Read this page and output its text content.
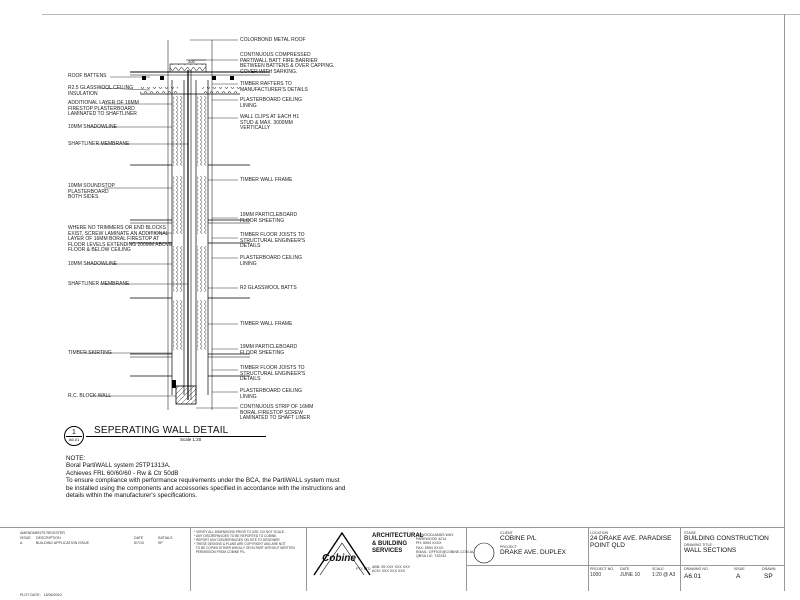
200
ROOF BATTENS
R2.5 GLASSWOOL CEILING
INSULATION
ADDITIONAL LAYER OF 16MM
FIRESTOP PLASTERBOARD
LAMINATED TO SHAFTLINER
10MM SHADOWLINE
SHAFTLINER MEMBRANE
10MM SOUNDSTOP
PLASTERBOARD
BOTH SIDES
WHERE NO TRIMMERS OR END BLOCKS
EXIST, SCREW LAMINATE AN ADDITIONAL
LAYER OF 16MM BORAL FIRESTOP AT
FLOOR LEVELS EXTENDING 200MM ABOVE
FLOOR & BELOW CEILING
10MM SHADOWLINE
SHAFTLINER MEMBRANE
TIMBER SKIRTING
R.C. BLOCK WALL
COLORBOND METAL ROOF
CONTINUOUS COMPRESSED
PARTIWALL BATT FIRE BARRIER
BETWEEN BATTENS & OVER CAPPING.
COVER WITH SARKING.
TIMBER RAFTERS TO
MANUFACTURER'S DETAILS
PLASTERBOARD CEILING
LINING
WALL CLIPS AT EACH H1
STUD & MAX. 3000MM
VERTICALLY
TIMBER WALL FRAME
19MM PARTICLEBOARD
FLOOR SHEETING
TIMBER FLOOR JOISTS TO
STRUCTURAL ENGINEER'S
DETAILS
PLASTERBOARD CEILING
LINING
R2 GLASSWOOL BATTS
TIMBER WALL FRAME
19MM PARTICLEBOARD
FLOOR SHEETING
TIMBER FLOOR JOISTS TO
STRUCTURAL ENGINEER'S
DETAILS
PLASTERBOARD CEILING
LINING
CONTINUOUS STRIP OF 16MM
BORAL FIRESTOP SCREW
LAMINATED TO SHAFT LINER
1
A6.01
SEPERATING WALL DETAIL
Scale 1:20

NOTE:

Boral PartiWALL system 25TP1313A.

Achieves FRL 60/60/60 - Rw & Ctr 50dB

To ensure compliance with performance requirements under the BCA, the PartiWALL system must be installed using the components and accessories specified in accordance with the instructions and details within the manufacturer's specifications.

AMENDMENTS REGISTER
ISSUE DESCRIPTION	DATE	INITIALS
A	BUILDING APPLICATION ISSUE	6/7/10	SP
PLOT DATE:   15/06/2010
* VERIFY ALL DIMENSIONS PRIOR TO USE. DO NOT SCALE.
* ANY DISCREPANCIES TO BE REPORTED TO COBINE.
* REPORT ANY DISCREPANCIES ON SITE TO DESIGNER.
* THESE DESIGNS & PLANS ARE COPYRIGHT AND ARE NOT
TO BE COPIED EITHER WHOLLY OR IN PART WITHOUT WRITTEN
PERMISSION FROM COBINE P/L.
Cobine
PTY LTD
ARCHITECTURAL
& BUILDING
SERVICES
ABN: 55 XXX XXX XXX
ACN: XXX XXX XXX
16 WOODLANDS WAY,
PARKWOOD 4214
PH: 5594 XXXX
FAX: 5594 XXXX
EMAIL: OFFICE@COBINE.COM.AU
QBSA LIC: 732242
CLIENT
COBINE P/L
PROJECT
DRAKE AVE. DUPLEX
LOCATION
24 DRAKE AVE. PARADISE
POINT QLD
PROJECT NO.
1000
DATE
JUNE 10
SCALE
1:20 @ A3
STAGE
BUILDING CONSTRUCTION
DRAWING TITLE
WALL SECTIONS
DRAWING NO.
A6.01
ISSUE
A
DRAWN
SP
